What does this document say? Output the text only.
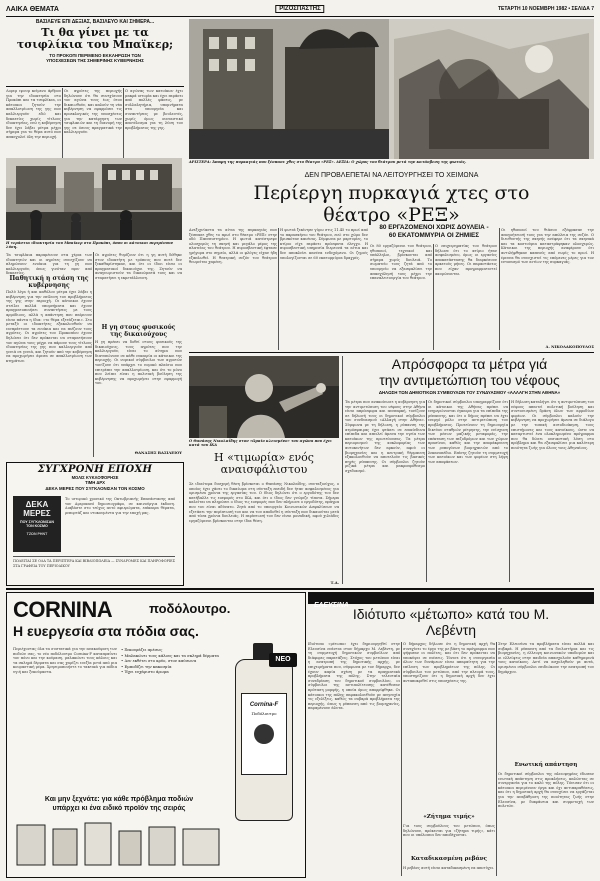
ΛΑΙΚΑ ΘΕΜΑΤΑ	ΡΙΖΟΣΠΑΣΤΗΣ	ΤΕΤΑΡΤΗ 10 ΝΟΕΜΒΡΗ 1982 • ΣΕΛΙΔΑ 7
ΒΑΣΙΛΕΥΕ ΕΠΙ ΔΕΞΙΑΣ, ΒΑΣΙΛΕΥΟ ΚΑΙ ΣΗΜΕΡΑ...
Τι θα γίνει με τα
τσιφλίκια του Μπαϊκερ;
ΤΟ ΠΡΟΚΟΠΙ ΠΕΡΙΜΕΝΟ ΕΚΚΛΗΡΩΣΗ ΤΩΝ
ΥΠΟΣΧΕΣΕΩΝ ΤΗΣ ΣΗΜΕΡΙΝΗΣ ΚΥΒΕΡΝΗΣΗΣ
Λορεμ ιψουμ κείμενο άρθρου για την ιδιοκτησία στο Προκόπι και τα τσιφλίκια, οι κάτοικοι ζητούν την απαλλοτρίωση της γης που καλλιεργούν εδώ και δεκαετίες χωρίς τίτλους ιδιοκτησίας, ενώ η κυβέρνηση δεν έχει λάβει μέτρα μέχρι σήμερα για το θέμα αυτό που απασχολεί όλη την περιοχή.
Οι αγρότες της περιοχής δηλώνουν ότι θα συνεχίσουν τον αγώνα τους έως ότου δικαιωθούν, και καλούν τη νέα κυβέρνηση να εφαρμόσει τις προεκλογικές της υποσχέσεις για την κατάργηση των τσιφλικιών και τη διανομή της γης σε όσους πραγματικά την καλλιεργούν.
Ο αγώνας των κατοίκων έχει μακρά ιστορία και έχει περάσει από πολλές φάσεις, με συλλαλητήρια, υπομνήματα στα υπουργεία και συναντήσεις με βουλευτές, χωρίς όμως ουσιαστικό αποτέλεσμα για τη λύση του προβλήματος της γης.
Η τεράστια ιδιοκτησία του Μπαϊκερ στο Προκόπι, όπου οι κάτοικοι περιμένουν λύση.
Τα τσιφλίκια παραμένουν στα χέρια των ιδιοκτητών και οι αγρότες συνεχίζουν να πληρώνουν ενοίκια για τη γη που καλλιεργούν, όπως γινόταν πριν από δεκαετίες.
Παθητική η στάση της κυβέρνησης
Πολύ λίγα ή και καθόλου μέτρα έχει λάβει η κυβέρνηση για την επίλυση του προβλήματος της γης στην περιοχή. Οι κάτοικοι έχουν στείλει πολλά υπομνήματα και έχουν πραγματοποιήσει συναντήσεις με τους αρμόδιους, αλλά η απάντηση που παίρνουν είναι πάντα η ίδια: «το θέμα εξετάζεται». Στο μεταξύ οι ιδιοκτήτες εξακολουθούν να εισπράττουν τα ενοίκια και να πιέζουν τους αγρότες. Οι αγρότες του Προκοπίου έχουν δηλώσει ότι δεν πρόκειται να σταματήσουν τον αγώνα τους μέχρι να πάρουν τους τίτλους ιδιοκτησίας της γης που καλλιεργούν από γενιά σε γενιά, και ζητούν από την κυβέρνηση να προχωρήσει άμεσα σε απαλλοτρίωση των κτημάτων.
Οι αγρότες θυμίζουν ότι η γη αυτή δόθηκε στον ιδιοκτήτη με τρόπους που ποτέ δεν ξεκαθαρίστηκαν, και ότι οι ίδιοι είναι οι πραγματικοί δικαιούχοι της. Ζητούν να αναγνωριστούν τα δικαιώματά τους και να σταματήσει η εκμετάλλευση.
Η γη στους φυσικούς της δικαιούχους
Η γη πρέπει να δοθεί στους φυσικούς της δικαιούχους, τους αγρότες που την καλλιεργούν, είναι το αίτημα που διατυπώνουν σε κάθε ευκαιρία οι κάτοικοι της περιοχής. Οι νομικοί σύμβουλοι των αγροτών τονίζουν ότι υπάρχει το νομικό πλαίσιο που επιτρέπει την απαλλοτρίωση, και ότι το μόνο που λείπει είναι η πολιτική βούληση της κυβέρνησης να προχωρήσει στην εφαρμογή του.
ΘΑΝΑΣΗΣ ΒΑΣΙΛΕΙΟΥ
ΣΥΓΧΡΟΝΗ ΕΠΟΧΗ
ΜΟΛΙΣ ΚΥΚΛΟΦΟΡΗΣΕ
ΤΙΜΗ ΔΡΧ
ΔΕΚΑ ΜΕΡΕΣ ΠΟΥ ΣΥΓΚΛΟΝΙΣΑΝ ΤΟΝ ΚΟΣΜΟ
ΔΕΚΑ
ΜΕΡΕΣ
ΠΟΥ ΣΥΓΚΛΟΝΙΣΑΝ
ΤΟΝ ΚΟΣΜΟ
ΤΖΩΝ ΡΗΝΤ
Το ιστορικό χρονικό της Οκτωβριανής Επανάστασης από τον Αμερικανό δημοσιογράφο, σε καινούργια έκδοση. Διαβάστε στο τεύχος αυτό αφιερώματα, επίκαιρα θέματα, ρεπορτάζ και ντοκουμέντα για την εποχή μας.
ΠΩΛΕΙΤΑΙ ΣΕ ΟΛΑ ΤΑ ΠΕΡΙΠΤΕΡΑ ΚΑΙ ΒΙΒΛΙΟΠΩΛΕΙΑ — ΣΥΝΔΡΟΜΕΣ ΚΑΙ ΠΛΗΡΟΦΟΡΙΕΣ ΣΤΑ ΓΡΑΦΕΙΑ ΤΟΥ ΠΕΡΙΟΔΙΚΟΥ
ΑΡΙΣΤΕΡΑ: Άποψη της πυρκαγιάς που ξέσπασε χθες στο θέατρο «ΡΕΞ». ΔΕΞΙΑ: Ο χώρος του θεάτρου μετά την κατάσβεση της φωτιάς.
ΔΕΝ ΠΡΟΒΛΕΠΕΤΑΙ ΝΑ ΛΕΙΤΟΥΡΓΗΣΕΙ ΤΟ ΧΕΙΜΩΝΑ
Περίεργη πυρκαγιά χτες στο
θέατρο «ΡΕΞ»
Ανεξιχνίαστα τα αίτια της πυρκαγιάς που ξέσπασε χθες το πρωί στο θέατρο «ΡΕΞ» στην οδό Πανεπιστημίου. Η φωτιά κατέστρεψε ολοσχερώς τη σκηνή και μεγάλο μέρος της πλατείας του θεάτρου. Η πυροσβεστική έφτασε γρήγορα στο σημείο, αλλά οι φλόγες είχαν ήδη εξαπλωθεί. Η θεατρική σεζόν του θεάτρου θεωρείται χαμένη.
Η φωτιά ξεκίνησε γύρω στις 11.45 το πρωί από το παρασκήνιο του θεάτρου, ενώ στο χώρο δεν βρισκόταν κανένας. Σύμφωνα με μαρτυρίες, το κτίριο είχε περάσει πρόσφατα έλεγχο. Η πυροσβεστική υπηρεσία διερευνά τα αίτια και δεν αποκλείει κανένα ενδεχόμενο. Οι ζημιές υπολογίζονται σε 60 εκατομμύρια δραχμές.
80 ΕΡΓΑΖΟΜΕΝΟΙ ΧΩΡΙΣ ΔΟΥΛΕΙΑ -
60 ΕΚΑΤΟΜΜΥΡΙΑ ΟΙ ΖΗΜΙΕΣ
Οι 80 εργαζόμενοι του θεάτρου, ηθοποιοί, τεχνικοί και υπάλληλοι, βρίσκονται από σήμερα χωρίς δουλειά. Το σωματείο τους ζητά από το υπουργείο να εξασφαλίσει την απασχόλησή τους μέχρι την επαναλειτουργία του θεάτρου.
Ο επιχειρηματίας του θεάτρου δήλωσε ότι το κτίριο ήταν ασφαλισμένο, όμως οι εργασίες αποκατάστασης θα διαρκέσουν αρκετούς μήνες. Οι παραστάσεις που είχαν προγραμματιστεί ακυρώνονται.
Οι ηθοποιοί του θιάσου εξέφρασαν την απογοήτευσή τους για την απώλεια της σεζόν. Ο διευθυντής της σκηνής ανέφερε ότι τα σκηνικά και τα κοστούμια καταστράφηκαν ολοσχερώς. Κάτοικοι της περιοχής αναφέρουν ότι αντιλήφθηκαν καπνούς από νωρίς το πρωί. Η έρευνα θα συνεχιστεί τις επόμενες μέρες για τον εντοπισμό των αιτίων της πυρκαγιάς.
Δ. ΝΙΚΟΛΑΚΟΠΟΥΛΟΣ
Ο Θανάσης Νικολαΐδης στον «Ωραίο κλεισμένο» του αγώνα που έχει κατά του ΙΚΑ
Η «τιμωρία» ενός
αναισφάλιστου
Σε ιδιαίτερα δυσχερή θέση βρίσκεται ο Θανάσης Νικολαΐδης, συνταξιούχος, ο οποίος έχει χάσει το δικαίωμα στη σύνταξη επειδή δεν ήταν ασφαλισμένος για ορισμένα χρόνια της εργασίας του. Ο ίδιος δηλώνει ότι ο εργοδότης του δεν κατέβαλλε τις εισφορές στο ΙΚΑ, και ότι ο ίδιος δεν γνώριζε τίποτα. Σήμερα καλείται να πληρώσει ο ίδιος τις εισφορές που δεν πλήρωσε ο εργοδότης, πράγμα που του είναι αδύνατο. Ζητά από το υπουργείο Κοινωνικών Ασφαλίσεων να εξετάσει την περίπτωσή του και να του αποδοθεί η σύνταξη που δικαιούται μετά από τόσα χρόνια δουλειάς. Η περίπτωσή του δεν είναι μοναδική, αφού χιλιάδες εργαζόμενοι βρίσκονται στην ίδια θέση.
Τ.Α.
Απρόσφορα τα μέτρα γιά
την αντιμετώπιση του νέφους
ΔΗΛΩΣΗ ΤΩΝ ΔΗΜΟΤΙΚΩΝ ΣΥΜΒΟΥΛΩΝ ΤΟΥ ΣΥΝΔΥΑΣΜΟΥ «ΑΛΛΑΓΗ ΣΤΗΝ ΑΘΗΝΑ»
Τα μέτρα που ανακοίνωσε η κυβέρνηση για την αντιμετώπιση του νέφους στην Αθήνα είναι απρόσφορα και ανεπαρκή, τονίζουν σε δήλωσή τους οι δημοτικοί σύμβουλοι του συνδυασμού «Αλλαγή στην Αθήνα». Σύμφωνα με τη δήλωση, η ρύπανση της ατμόσφαιρας έχει φτάσει σε επικίνδυνα επίπεδα και απειλεί άμεσα την υγεία των κατοίκων της πρωτεύουσας. Τα μέτρα περιορισμού της κυκλοφορίας των αυτοκινήτων δεν αρκούν, αφού οι βιομηχανίες και η κεντρική θέρμανση εξακολουθούν να αποτελούν τις βασικές πηγές ρύπανσης. Οι σύμβουλοι ζητούν ριζικά μέτρα και μακροπρόθεσμο σχεδιασμό.
Οι δημοτικοί σύμβουλοι υπογραμμίζουν ότι οι κάτοικοι της Αθήνας πρέπει να ενημερώνονται έγκαιρα για τα επίπεδα της ρύπανσης, και ότι ο δήμος πρέπει να έχει ενεργό ρόλο στην αντιμετώπιση του προβλήματος. Προτείνουν τη δημιουργία δικτύου σταθμών μέτρησης, την ενίσχυση των μέσων μαζικής μεταφοράς, την επέκταση των πεζοδρόμων και των χώρων πρασίνου, καθώς και την απομάκρυνση των ρυπογόνων βιομηχανιών από το λεκανοπέδιο. Επίσης ζητούν τη συμμετοχή των κατοίκων και των φορέων στη λήψη των αποφάσεων.
Η δήλωση καταλήγει ότι η αντιμετώπιση του νέφους απαιτεί πολιτική βούληση και συντονισμένη δράση όλων των αρμοδίων φορέων. Οι σύμβουλοι καλούν την κυβέρνηση να προχωρήσει άμεσα σε διάλογο με την τοπική αυτοδιοίκηση, τους επιστήμονες και τους κατοίκους, ώστε να καταρτιστεί ένα ολοκληρωμένο πρόγραμμα που θα δώσει ουσιαστική λύση στο πρόβλημα και θα εξασφαλίσει μια καλύτερη ποιότητα ζωής για όλους τους Αθηναίους.
CORNINA	ποδόλουτρο.
Η ευεργεσία στα πόδια σας.
Περιέχοντας όλα τα συστατικά για την ανακούφιση των ποδιών σας, το νέο ποδόλουτρο Cornina-F καταπραΰνει τον πόνο και την κούραση, μαλακώνει τους κάλους και τα σκληρά δέρματα και σας χαρίζει ευεξία μετά από μια κουραστική μέρα. Χρησιμοποιήστε το τακτικά για πόδια υγιή και ξεκούραστα.
• Ξεκουράζει αμέσως
• Μαλακώνει τους κάλους και τα σκληρά δέρματα
• Δεν εκθέτει στο κρύο, στον καύσωνα
• Εμποδίζει την κακοσμία
• Έχει ευχάριστο άρωμα
Cornina-F
Ποδόλουτρο
ΝΕΟ
Και μην ξεχνάτε: για κάθε πρόβλημα ποδιών
υπάρχει κι ένα ειδικό προϊόν της σειράς
ΕΛΕΥΣΙΝΑ
Ιδιότυπο «μέτωπο» κατά του Μ.
Λεβέντη
Ιδιότυπο «μέτωπο» έχει δημιουργηθεί στην Ελευσίνα ενάντια στον δήμαρχο Μ. Λεβέντη, με τη συμμετοχή δημοτικών συμβούλων από διάφορες παρατάξεις. Στόχος του μετώπου είναι η ανατροπή της δημοτικής αρχής, με επιχειρήματα που, σύμφωνα με τον δήμαρχο, δεν έχουν καμία σχέση με τα πραγματικά προβλήματα της πόλης. Στην τελευταία συνεδρίαση του δημοτικού συμβουλίου, οι σύμβουλοι της αντιπολίτευσης κατέθεσαν πρόταση μομφής, η οποία όμως απορρίφθηκε. Οι κάτοικοι της πόλης παρακολουθούν με ανησυχία τις εξελίξεις, καθώς τα σοβαρά προβλήματα της περιοχής, όπως η ρύπανση από τις βιομηχανίες, παραμένουν άλυτα.
Ο δήμαρχος δήλωσε ότι η δημοτική αρχή θα συνεχίσει το έργο της με βάση το πρόγραμμα που ψήφισαν οι πολίτες, και ότι δεν πρόκειται να υποκύψει σε πιέσεις. Τόνισε ότι η συνεργασία όλων των δυνάμεων είναι απαραίτητη για την επίλυση των προβλημάτων της πόλης. Οι σύμβουλοι του μετώπου, από την πλευρά τους, υποστηρίζουν ότι η δημοτική αρχή δεν έχει ανταποκριθεί στις υποσχέσεις της.
«Ζήτημα τιμής»
Για τους συμβούλους του μετώπου, όπως δηλώνουν, πρόκειται για «ζήτημα τιμής», κάτι που οι υπόλοιποι δεν αποδέχονται.
Καταδικασμένη ρεβάνς
Η ρεβάνς αυτή είναι καταδικασμένη να αποτύχει.
Στην Ελευσίνα τα προβλήματα είναι πολλά και σοβαρά. Η ρύπανση από τα διυλιστήρια και τις βιομηχανίες, η έλλειψη κοινωνικών υποδομών και οι ελλείψεις στην παιδεία απασχολούν καθημερινά τους κατοίκους. Αντί να ασχοληθούν με αυτά, ορισμένοι σύμβουλοι επιδιώκουν την ανατροπή του δημάρχου.
Ενωτική απάντηση
Οι δημοτικοί σύμβουλοι της πλειοψηφίας έδωσαν ενωτική απάντηση στις προκλήσεις, καλώντας σε συνεργασία για το καλό της πόλης. Τόνισαν ότι οι κάτοικοι περιμένουν έργα και όχι αντιπαραθέσεις, και ότι η δημοτική αρχή θα συνεχίσει να εργάζεται για την αναβάθμιση της ποιότητας ζωής στην Ελευσίνα, με διαφάνεια και συμμετοχή των πολιτών.
